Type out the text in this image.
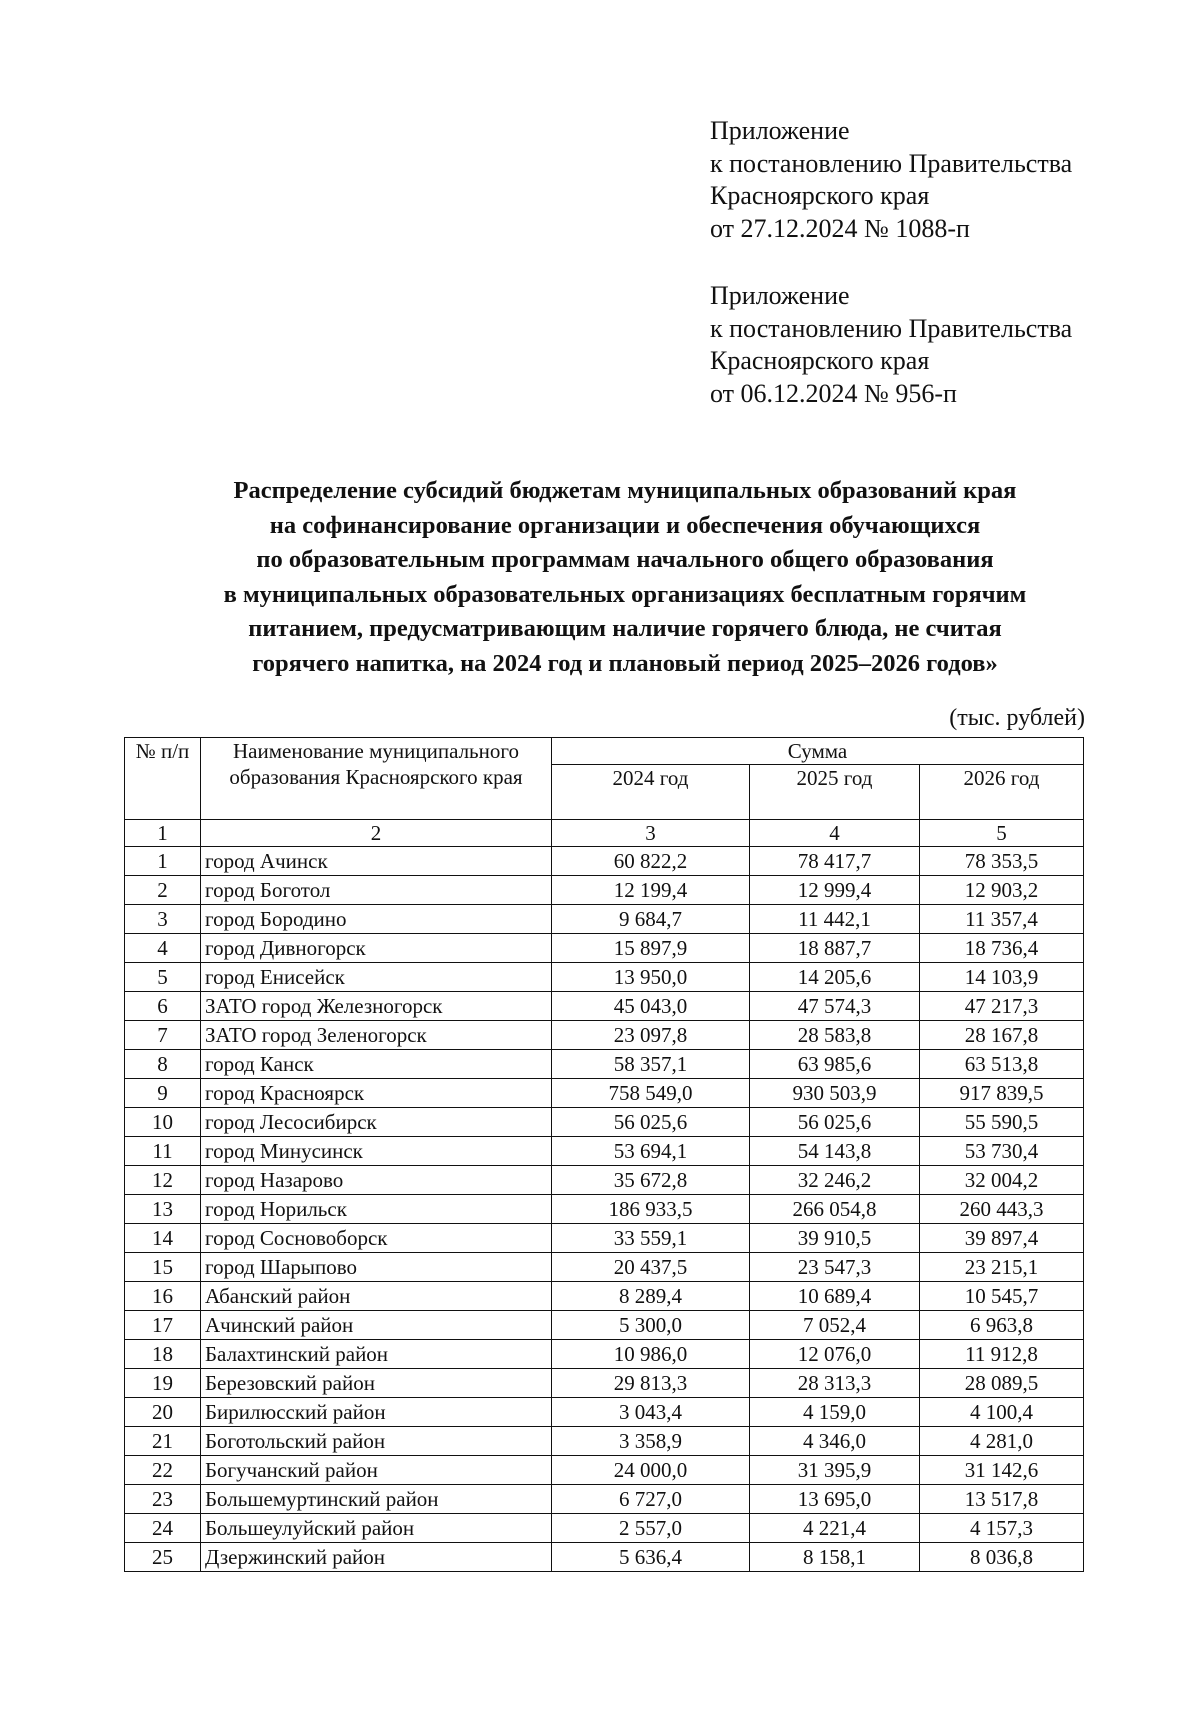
Приложение
к постановлению Правительства
Красноярского края
от 27.12.2024 № 1088-п
Приложение
к постановлению Правительства
Красноярского края
от 06.12.2024 № 956-п
Распределение субсидий бюджетам муниципальных образований края
на софинансирование организации и обеспечения обучающихся
по образовательным программам начального общего образования
в муниципальных образовательных организациях бесплатным горячим
питанием, предусматривающим наличие горячего блюда, не считая
горячего напитка, на 2024 год и плановый период 2025–2026 годов»
(тыс. рублей)
№ п/п	Наименование муниципального образования Красноярского края	Сумма		
		2024 год	2025 год	2026 год
1	2	3	4	5
1	город Ачинск	60 822,2	78 417,7	78 353,5
2	город Боготол	12 199,4	12 999,4	12 903,2
3	город Бородино	9 684,7	11 442,1	11 357,4
4	город Дивногорск	15 897,9	18 887,7	18 736,4
5	город Енисейск	13 950,0	14 205,6	14 103,9
6	ЗАТО город Железногорск	45 043,0	47 574,3	47 217,3
7	ЗАТО город Зеленогорск	23 097,8	28 583,8	28 167,8
8	город Канск	58 357,1	63 985,6	63 513,8
9	город Красноярск	758 549,0	930 503,9	917 839,5
10	город Лесосибирск	56 025,6	56 025,6	55 590,5
11	город Минусинск	53 694,1	54 143,8	53 730,4
12	город Назарово	35 672,8	32 246,2	32 004,2
13	город Норильск	186 933,5	266 054,8	260 443,3
14	город Сосновоборск	33 559,1	39 910,5	39 897,4
15	город Шарыпово	20 437,5	23 547,3	23 215,1
16	Абанский район	8 289,4	10 689,4	10 545,7
17	Ачинский район	5 300,0	7 052,4	6 963,8
18	Балахтинский район	10 986,0	12 076,0	11 912,8
19	Березовский район	29 813,3	28 313,3	28 089,5
20	Бирилюсский район	3 043,4	4 159,0	4 100,4
21	Боготольский район	3 358,9	4 346,0	4 281,0
22	Богучанский район	24 000,0	31 395,9	31 142,6
23	Большемуртинский район	6 727,0	13 695,0	13 517,8
24	Большеулуйский район	2 557,0	4 221,4	4 157,3
25	Дзержинский район	5 636,4	8 158,1	8 036,8
